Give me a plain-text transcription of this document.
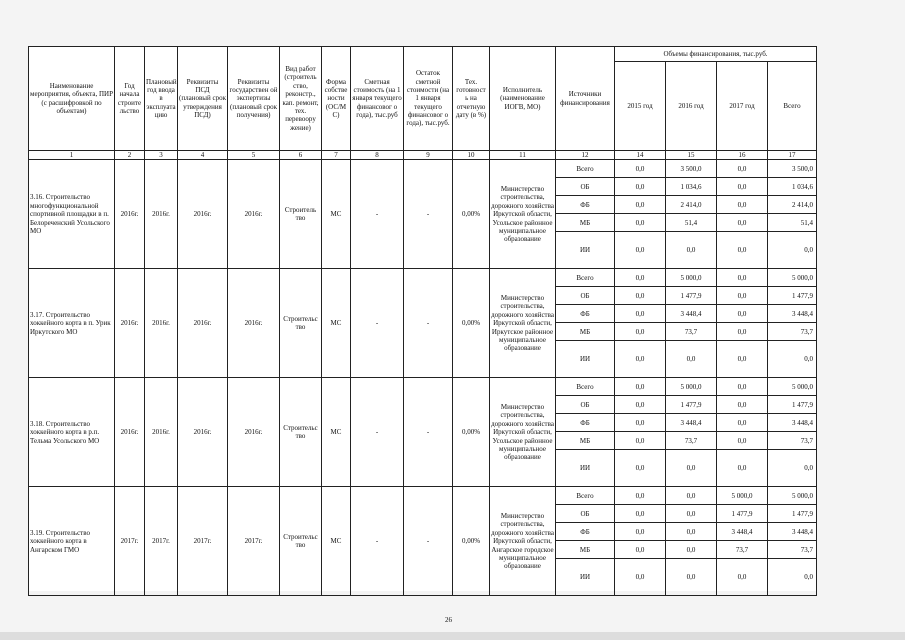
Наименование мероприятия, объекта, ПИР (с расшифровкой по объектам)	Год начала строите льство	Плановый год ввода в эксплуата цию	Реквизиты ПСД (плановый срок утверждения ПСД)	Реквизиты государствен ой экспертизы (плановый срок получения)	Вид работ (строитель ство, реконстр., кап. ремонт, тех. перевоору жение)	Форма собстве ности (ОС/М С)	Сметная стоимость (на 1 января текущего финансовог о года), тыс.руб	Остаток сметной стоимости (на 1 января текущего финансовог о года), тыс.руб.	Тех. готовност ь на отчетную дату (в %)	Исполнитель (наименование ИОГВ, МО)	Источники финансирования	Объемы финансирования, тыс.руб.			
												2015 год	2016 год	2017 год	Всего
1	2	3	4	5	6	7	8	9	10	11	12	14	15	16	17
3.16. Строительство многофункциональной спортивной площадки в п. Белореченский Усольского МО	2016г.	2016г.	2016г.	2016г.	Строитель тво	МС	-	-	0,00%	Министерство строительства, дорожного хозяйства Иркутской области, Усольское районное муниципальное образование	Всего	0,0	3 500,0	0,0	3 500,0
											ОБ	0,0	1 034,6	0,0	1 034,6
											ФБ	0,0	2 414,0	0,0	2 414,0
											МБ	0,0	51,4	0,0	51,4
											ИИ	0,0	0,0	0,0	0,0
3.17. Строительство хоккейного корта в п. Урик Иркутского МО	2016г.	2016г.	2016г.	2016г.	Строительс тво	МС	-	-	0,00%	Министерство строительства, дорожного хозяйства Иркутской области, Иркутское районное муниципальное образование	Всего	0,0	5 000,0	0,0	5 000,0
											ОБ	0,0	1 477,9	0,0	1 477,9
											ФБ	0,0	3 448,4	0,0	3 448,4
											МБ	0,0	73,7	0,0	73,7
											ИИ	0,0	0,0	0,0	0,0
3.18. Строительство хоккейного корта в р.п. Тельма Усольского МО	2016г.	2016г.	2016г.	2016г.	Строительс тво	МС	-	-	0,00%	Министерство строительства, дорожного хозяйства Иркутской области, Усольское районное муниципальное образование	Всего	0,0	5 000,0	0,0	5 000,0
											ОБ	0,0	1 477,9	0,0	1 477,9
											ФБ	0,0	3 448,4	0,0	3 448,4
											МБ	0,0	73,7	0,0	73,7
											ИИ	0,0	0,0	0,0	0,0
3.19. Строительство хоккейного корта в Ангарском ГМО	2017г.	2017г.	2017г.	2017г.	Строительс тво	МС	-	-	0,00%	Министерство строительства, дорожного хозяйства Иркутской области, Ангарское городское муниципальное образование	Всего	0,0	0,0	5 000,0	5 000,0
											ОБ	0,0	0,0	1 477,9	1 477,9
											ФБ	0,0	0,0	3 448,4	3 448,4
											МБ	0,0	0,0	73,7	73,7
											ИИ	0,0	0,0	0,0	0,0
26
